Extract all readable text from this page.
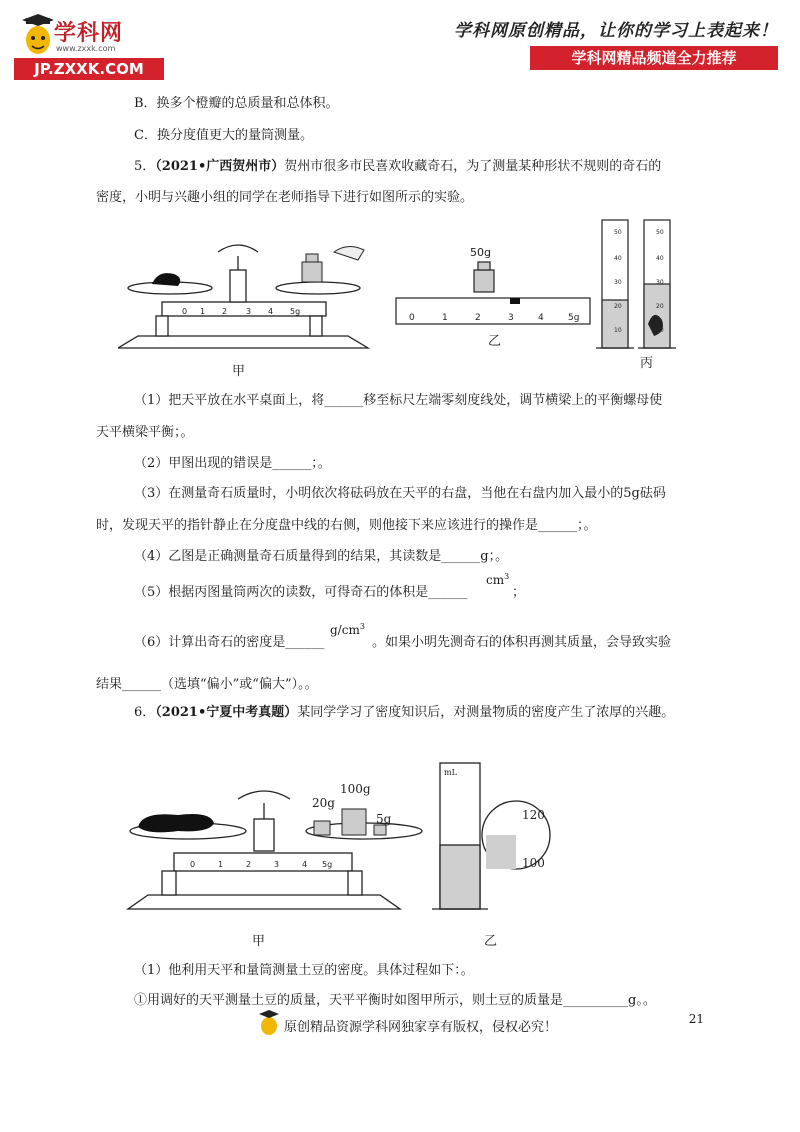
学科网
www.zxxk.com
JP.ZXXK.COM
学科网原创精品，让你的学习上表起来！
学科网精品频道全力推荐
B．换多个橙瓣的总质量和总体积。
C．换分度值更大的量筒测量。
5．（2021•广西贺州市）贺州市很多市民喜欢收藏奇石，为了测量某种形状不规则的奇石的
密度，小明与兴趣小组的同学在老师指导下进行如图所示的实验。
0 1 2 3 4 5g
0	1	2	3	4	5g
50g
50
40
30
20
10
50
40
30
20
10
甲
乙
丙
（1）把天平放在水平桌面上，将______移至标尺左端零刻度线处，调节横梁上的平衡螺母使
天平横梁平衡；。
（2）甲图出现的错误是______；。
（3）在测量奇石质量时，小明依次将砝码放在天平的右盘，当他在右盘内加入最小的5g砝码
时，发现天平的指针静止在分度盘中线的右侧，则他接下来应该进行的操作是______；。
（4）乙图是正确测量奇石质量得到的结果，其读数是______g；。
（5）根据丙图量筒两次的读数，可得奇石的体积是______
$cm^3$
；
（6）计算出奇石的密度是______
$g/cm^3$
。如果小明先测奇石的体积再测其质量，会导致实验
结果______（选填“偏小”或“偏大”）。。
6．（2021•宁夏中考真题）某同学学习了密度知识后，对测量物质的密度产生了浓厚的兴趣。
0	1	2	3	4 5g
20g
100g
5g	120
100
mL
甲	乙
（1）他利用天平和量筒测量土豆的密度。具体过程如下：。
①用调好的天平测量土豆的质量，天平平衡时如图甲所示，则土豆的质量是__________g。。
21
原创精品资源学科网独家享有版权，侵权必究！
